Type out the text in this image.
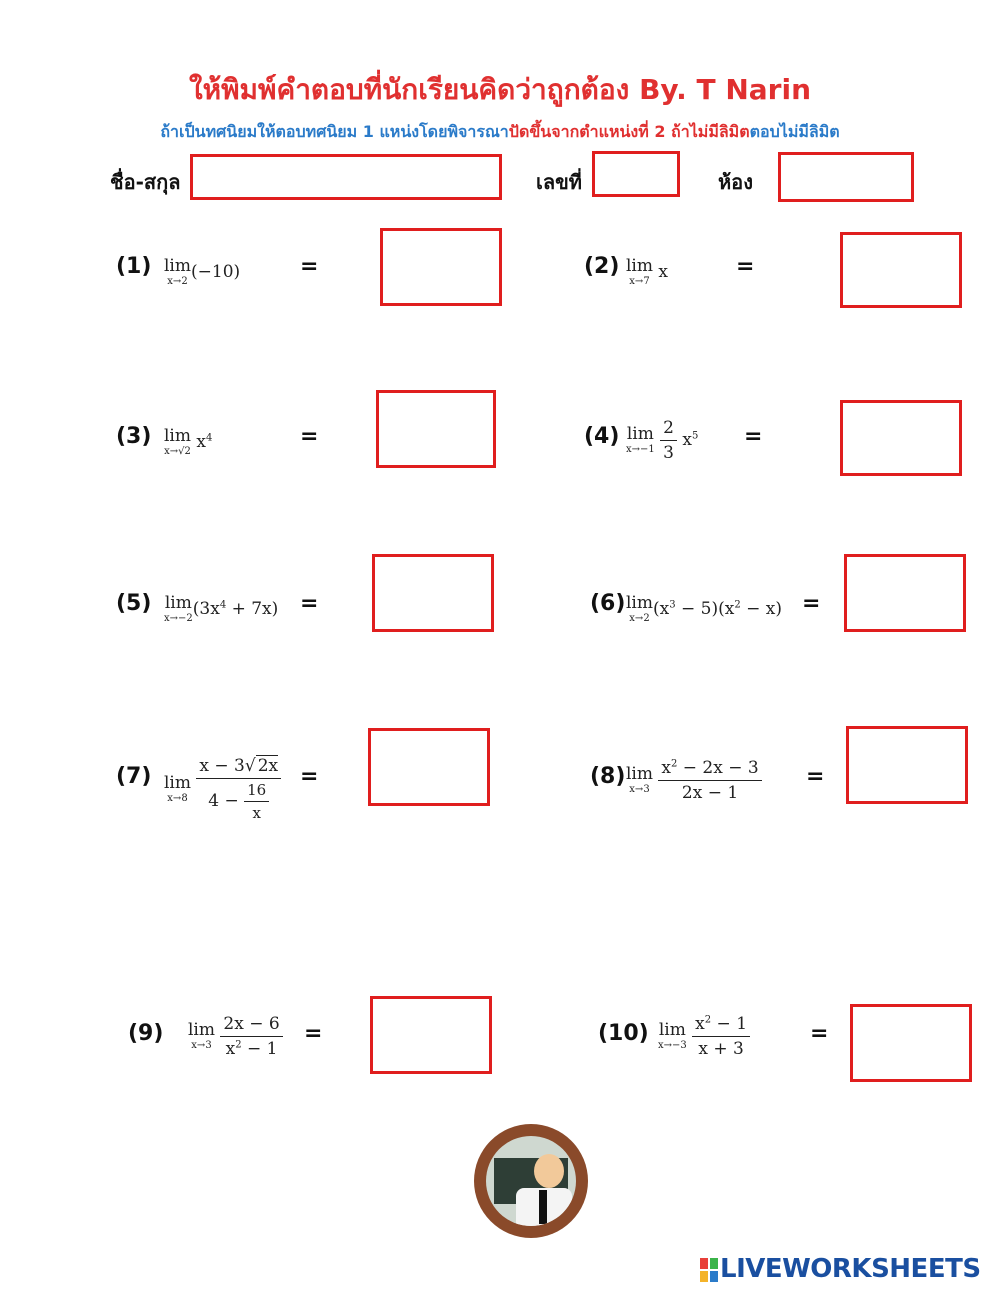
ให้พิมพ์คำตอบที่นักเรียนคิดว่าถูกต้อง By. T Narin
ถ้าเป็นทศนิยมให้ตอบทศนิยม 1 แหน่งโดยพิจารณาปัดขึ้นจากตำแหน่งที่ 2 ถ้าไม่มีลิมิตตอบไม่มีลิมิต
ชื่อ-สกุล	เลขที่	ห้อง
(1) lim
x→2 (−10)	=	(2) lim
x→7 x	=
(3) lim
x→√2 $x^4$	=	(4) lim
x→−1
$\frac{2}{3} x^5$ =
(5) lim
x→−2 $(3x^4 + 7x)$ =	(6) lim
x→2 $(x^3 - 5)(x^2 - x)$ =
(7) lim
x→8
$\frac{x - 3√ 2x}{4 - \frac{16}{x}}$ =	(8) lim
x→3
$\frac{x^2 - 2x - 3}{2x - 1}$ =
(9) lim
x→3
$\frac{2x - 6}{x^2 - 1}$ =	(10) lim
x→−3
$\frac{x^2 - 1}{x + 3}$	=
LIVEWORKSHEETS
